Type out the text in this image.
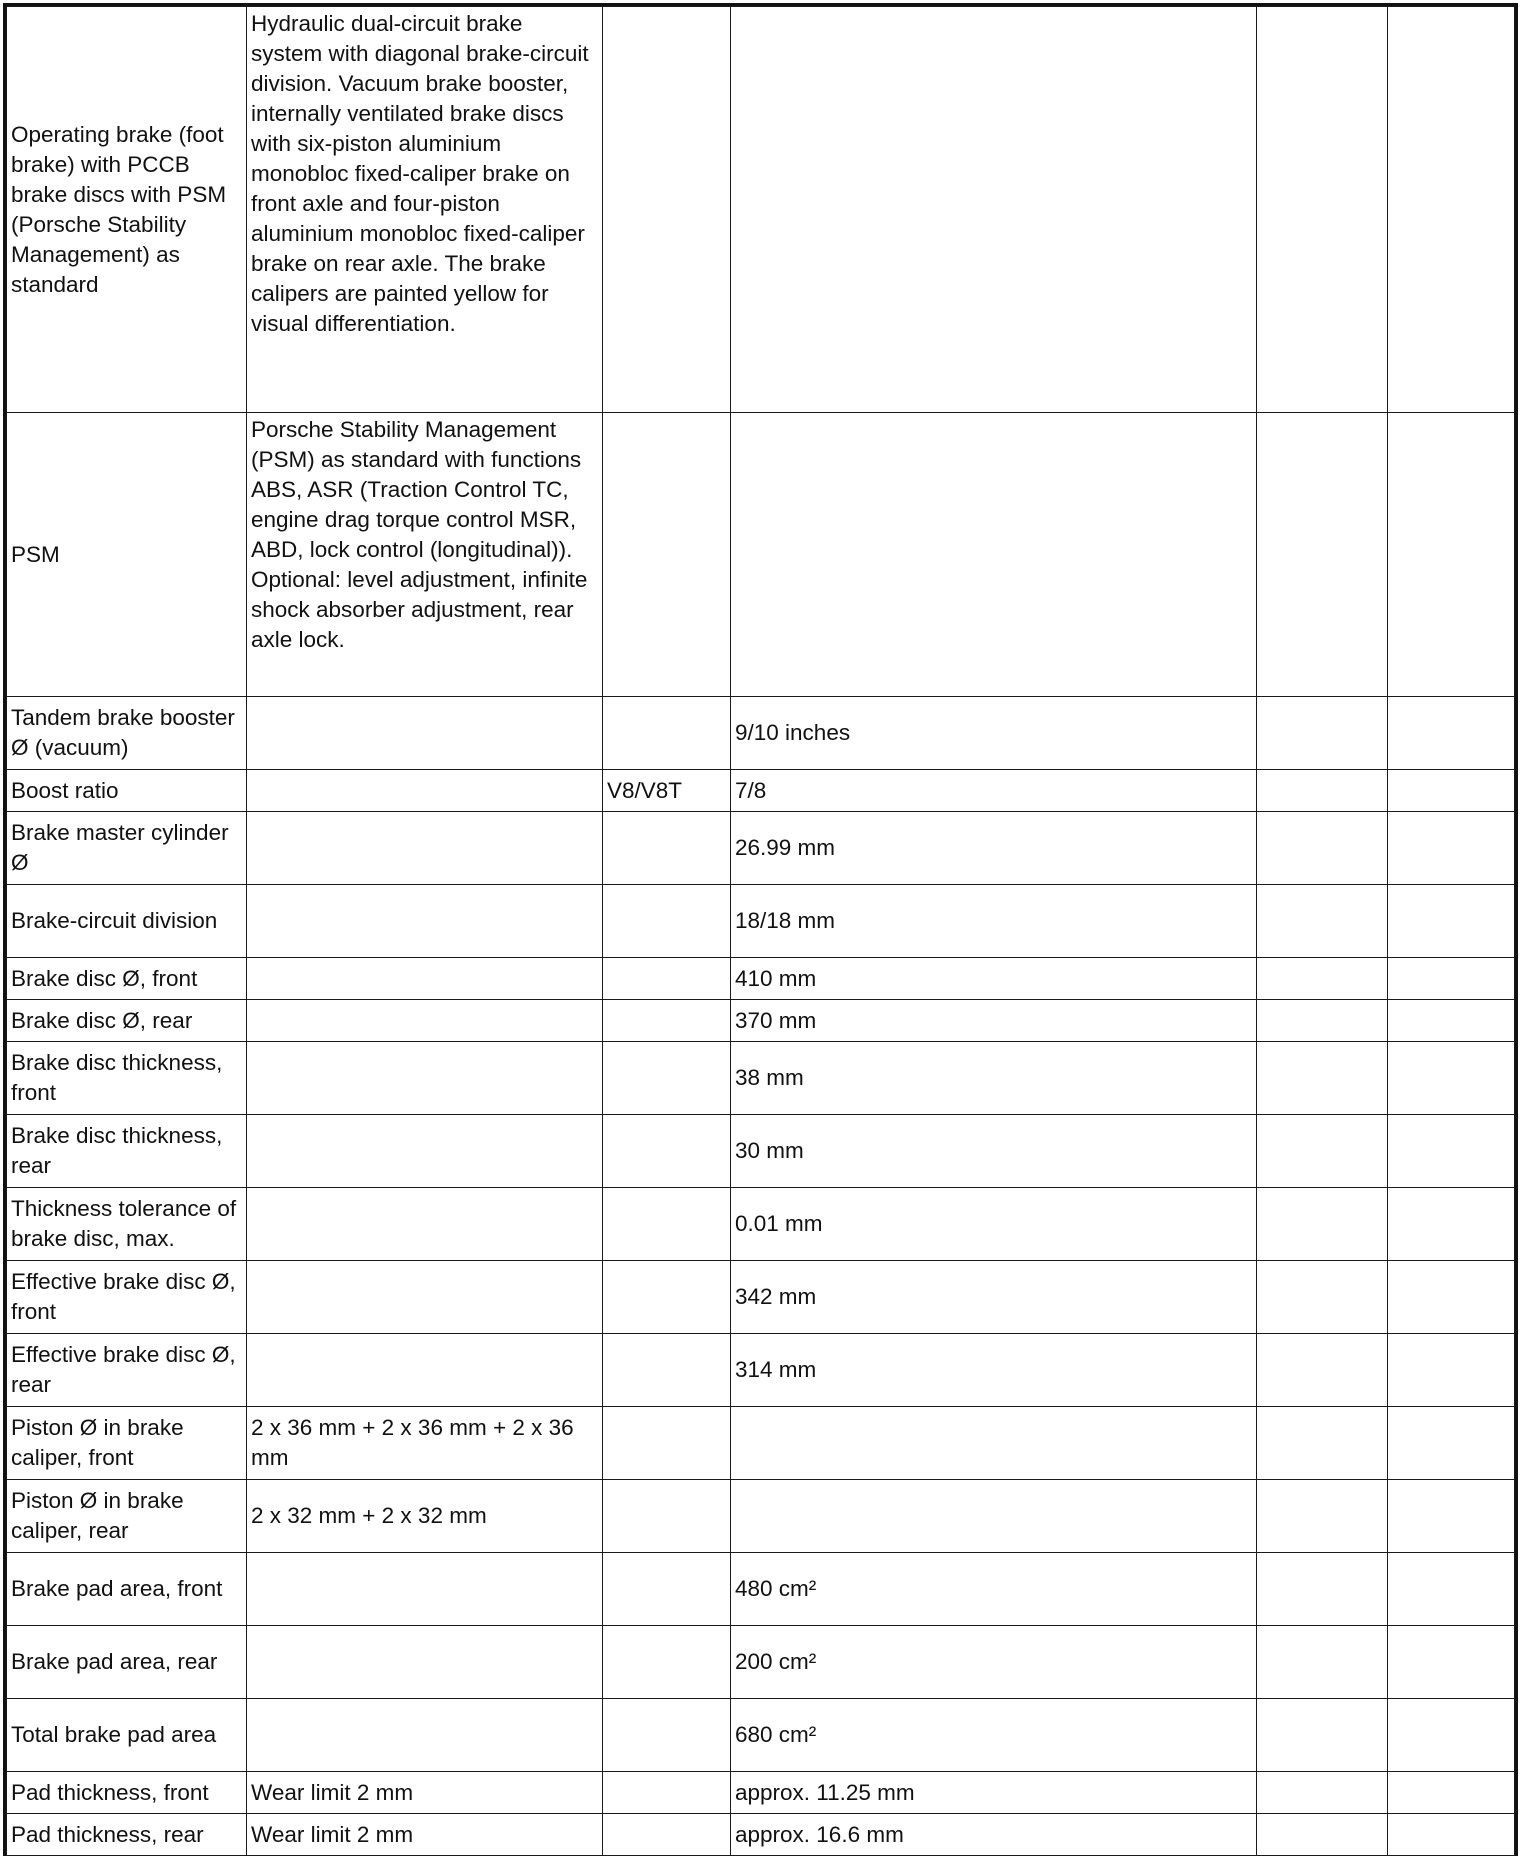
Operating brake (foot brake) with PCCB brake discs with PSM (Porsche Stability Management) as standard	Hydraulic dual-circuit brake system with diagonal brake-circuit division. Vacuum brake booster, internally ventilated brake discs with six-piston aluminium monobloc fixed-caliper brake on front axle and four-piston aluminium monobloc fixed-caliper brake on rear axle. The brake calipers are painted yellow for visual differentiation.				
PSM	Porsche Stability Management (PSM) as standard with functions ABS, ASR (Traction Control TC, engine drag torque control MSR, ABD, lock control (longitudinal)). Optional: level adjustment, infinite shock absorber adjustment, rear axle lock.				
Tandem brake booster Ø (vacuum)			9/10 inches		
Boost ratio		V8/V8T	7/8		
Brake master cylinder Ø			26.99 mm		
Brake-circuit division			18/18 mm		
Brake disc Ø, front			410 mm		
Brake disc Ø, rear			370 mm		
Brake disc thickness, front			38 mm		
Brake disc thickness, rear			30 mm		
Thickness tolerance of brake disc, max.			0.01 mm		
Effective brake disc Ø, front			342 mm		
Effective brake disc Ø, rear			314 mm		
Piston Ø in brake caliper, front	2 x 36 mm + 2 x 36 mm + 2 x 36 mm				
Piston Ø in brake caliper, rear	2 x 32 mm + 2 x 32 mm				
Brake pad area, front			480 cm²		
Brake pad area, rear			200 cm²		
Total brake pad area			680 cm²		
Pad thickness, front	Wear limit 2 mm		approx. 11.25 mm		
Pad thickness, rear	Wear limit 2 mm		approx. 16.6 mm		
